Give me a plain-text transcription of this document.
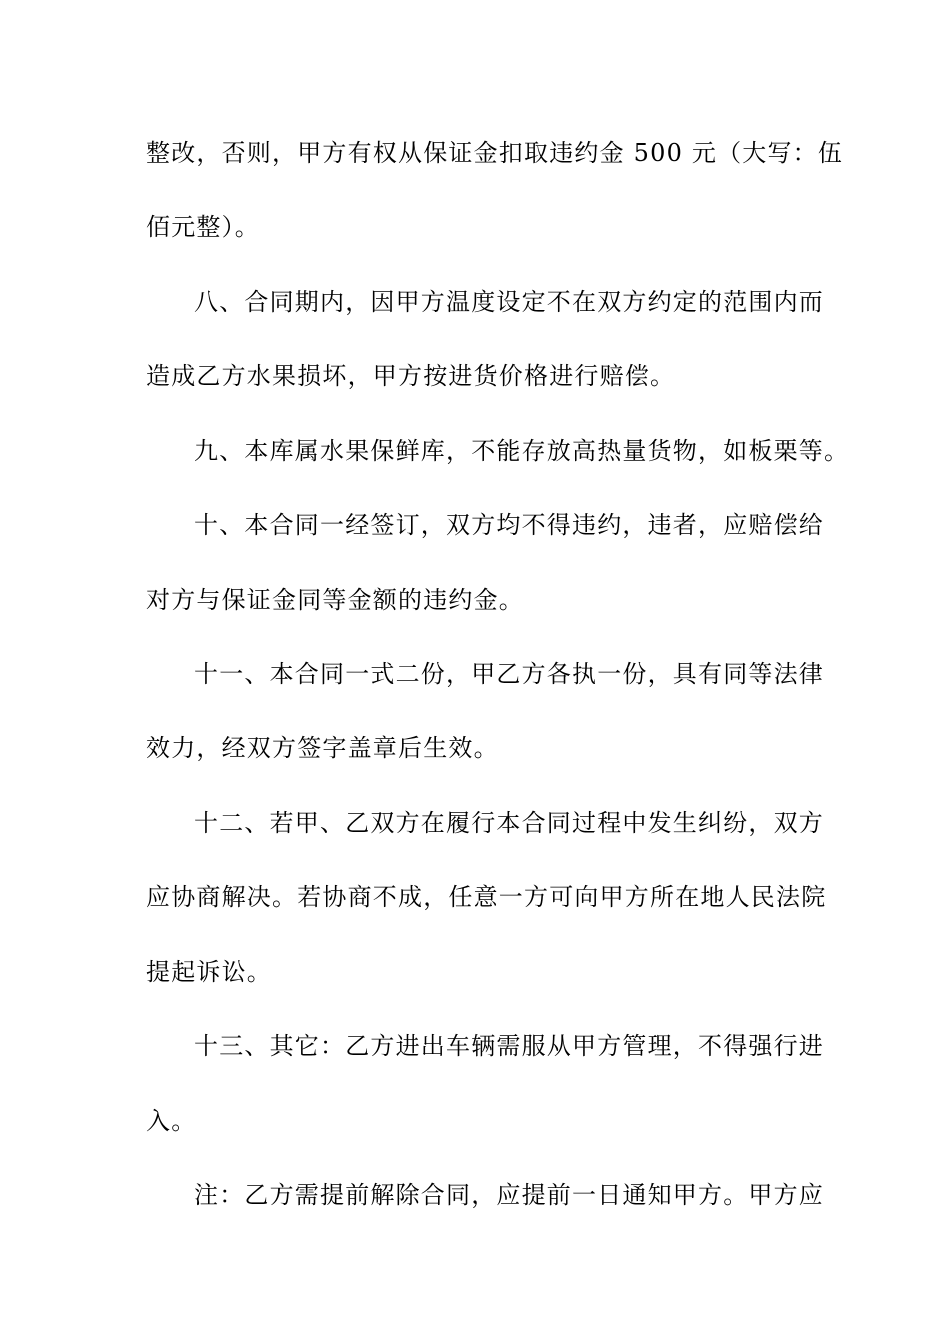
整改，否则，甲方有权从保证金扣取违约金 500 元（大写：伍
佰元整）。
八、合同期内，因甲方温度设定不在双方约定的范围内而
造成乙方水果损坏，甲方按进货价格进行赔偿。
九、本库属水果保鲜库，不能存放高热量货物，如板栗等。
十、本合同一经签订，双方均不得违约，违者，应赔偿给
对方与保证金同等金额的违约金。
十一、本合同一式二份，甲乙方各执一份，具有同等法律
效力，经双方签字盖章后生效。
十二、若甲、乙双方在履行本合同过程中发生纠纷，双方
应协商解决。若协商不成，任意一方可向甲方所在地人民法院
提起诉讼。
十三、其它：乙方进出车辆需服从甲方管理，不得强行进
入。
注：乙方需提前解除合同，应提前一日通知甲方。甲方应
